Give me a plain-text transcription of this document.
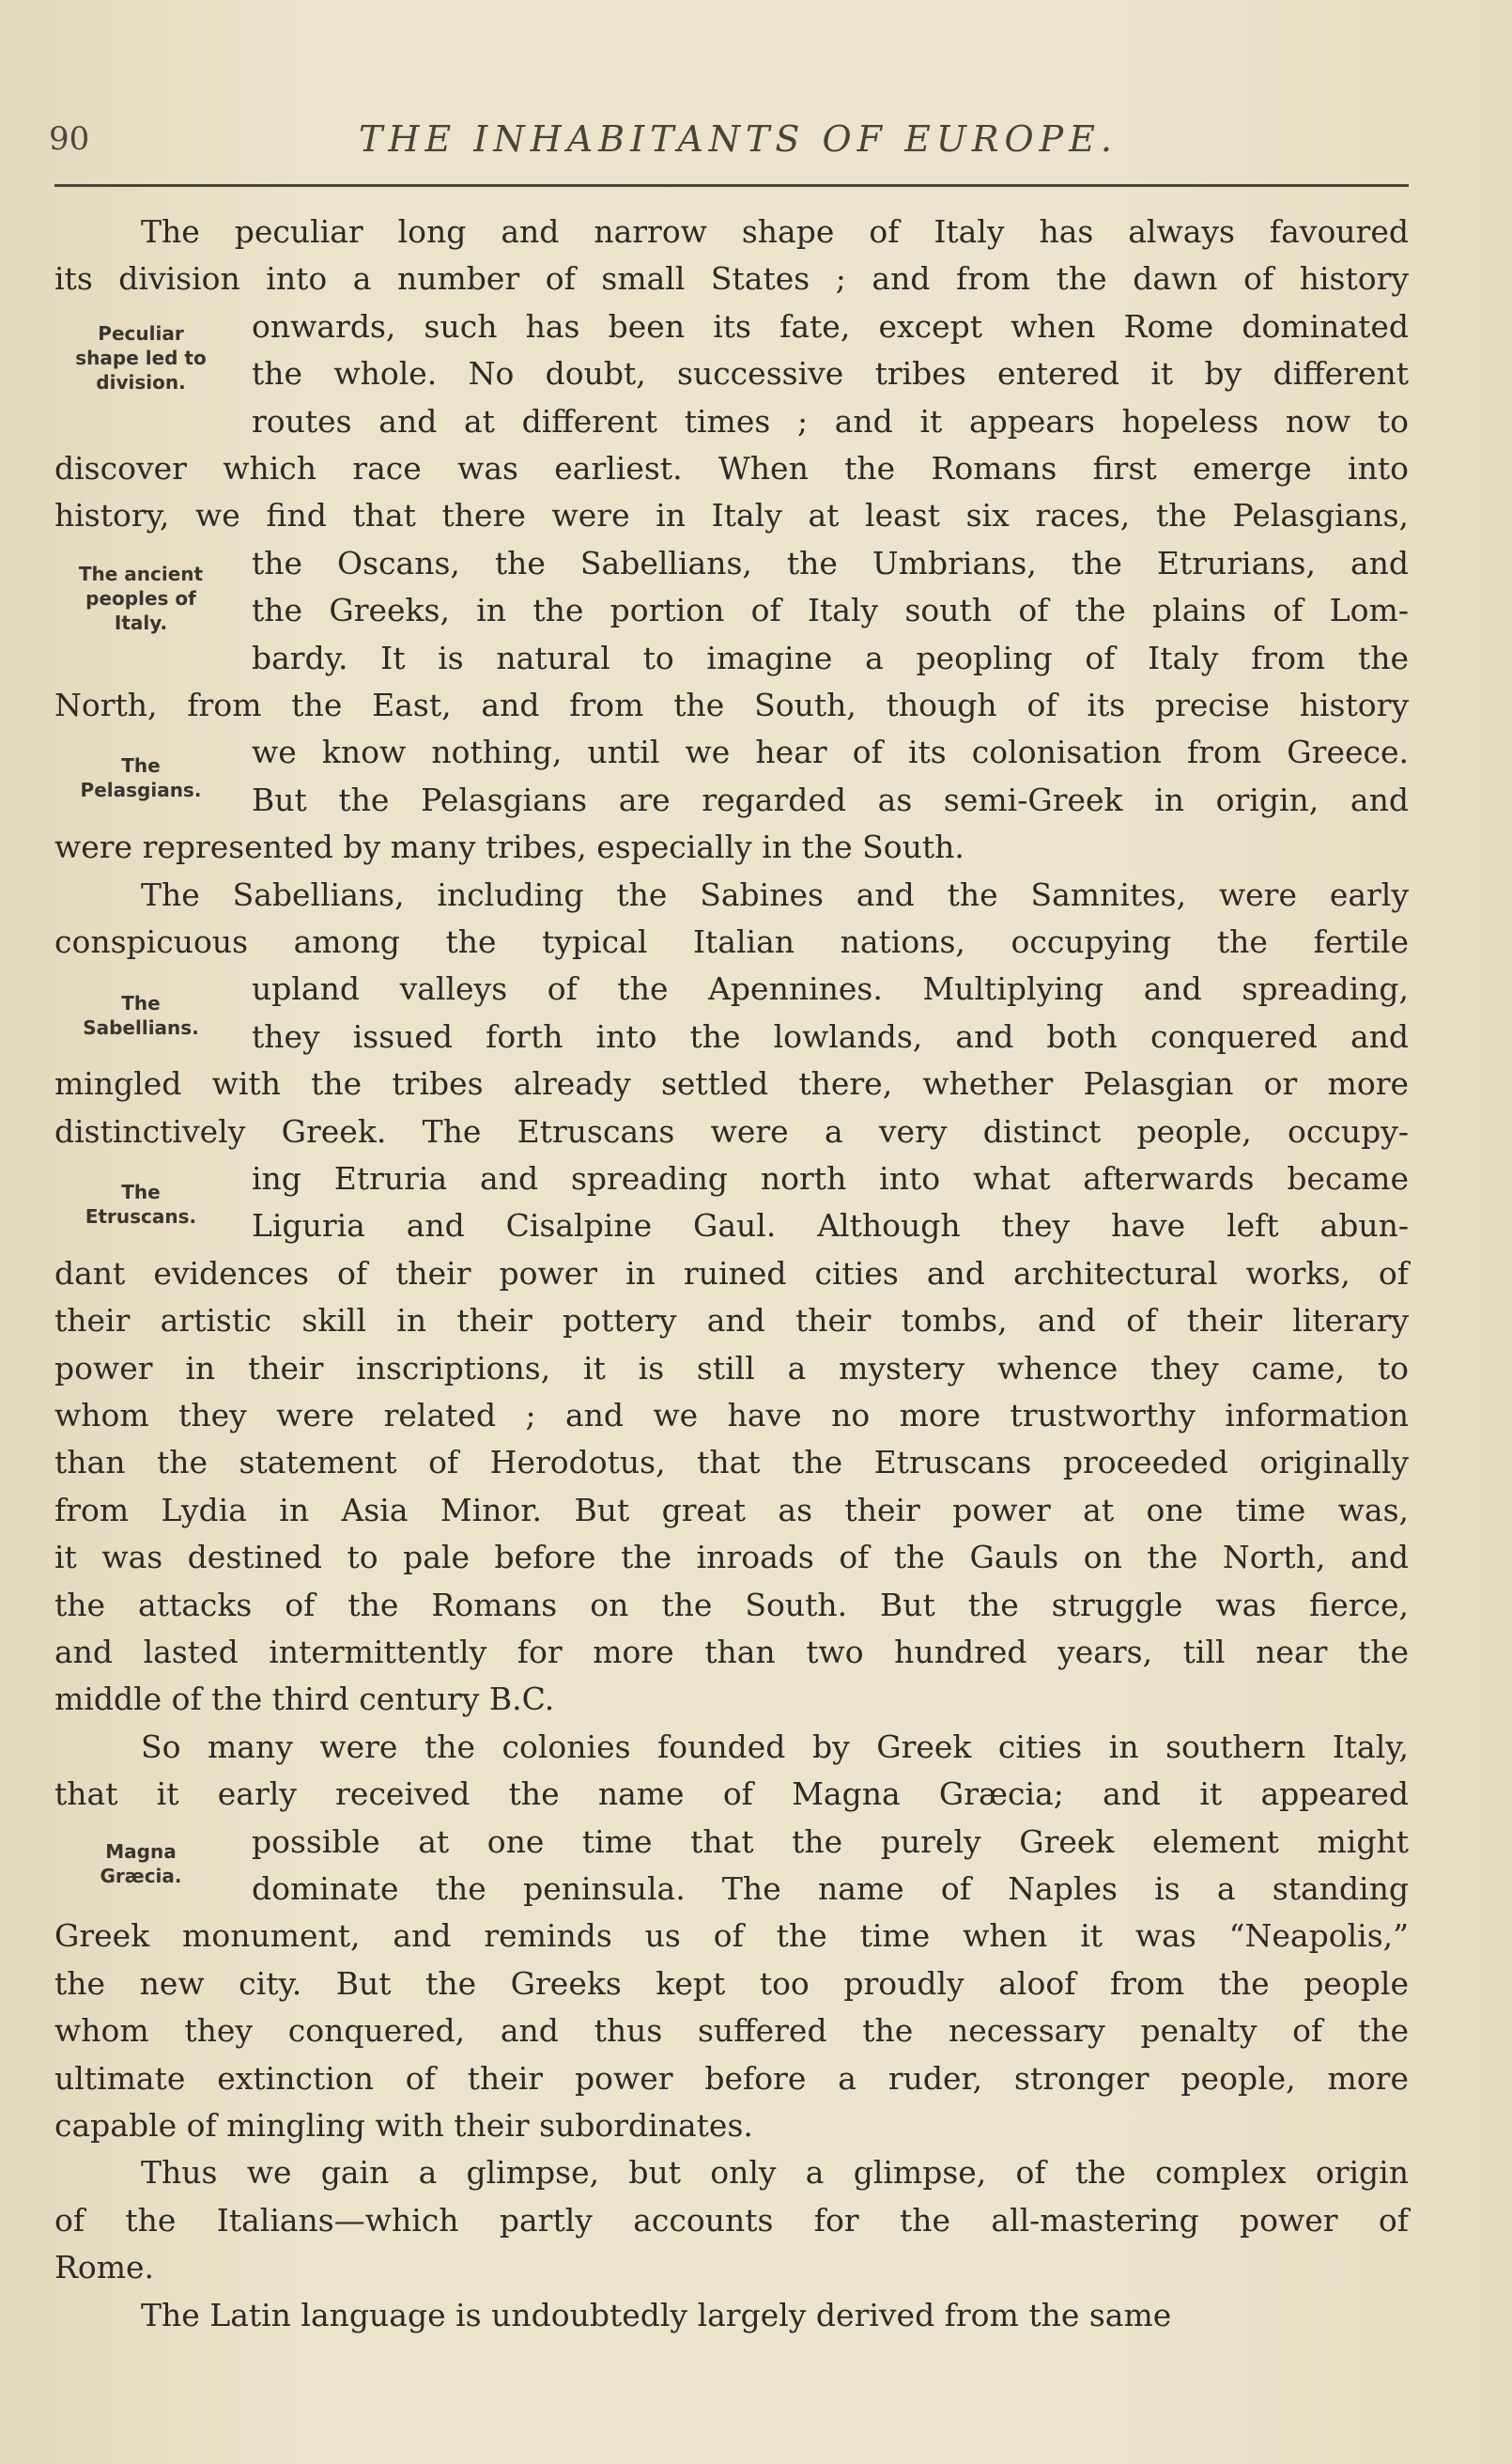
90	THE INHABITANTS OF EUROPE.
The peculiar long and narrow shape of Italy has always favoured
its division into a number of small States ; and from the dawn of history
onwards, such has been its fate, except when Rome dominated
the whole. No doubt, successive tribes entered it by different
routes and at different times ; and it appears hopeless now to
discover which race was earliest. When the Romans first emerge into
history, we find that there were in Italy at least six races, the Pelasgians,
the Oscans, the Sabellians, the Umbrians, the Etrurians, and
the Greeks, in the portion of Italy south of the plains of Lom-
bardy. It is natural to imagine a peopling of Italy from the
North, from the East, and from the South, though of its precise history
we know nothing, until we hear of its colonisation from Greece.
But the Pelasgians are regarded as semi-Greek in origin, and
were represented by many tribes, especially in the South.
The Sabellians, including the Sabines and the Samnites, were early
conspicuous among the typical Italian nations, occupying the fertile
upland valleys of the Apennines. Multiplying and spreading,
they issued forth into the lowlands, and both conquered and
mingled with the tribes already settled there, whether Pelasgian or more
distinctively Greek. The Etruscans were a very distinct people, occupy-
ing Etruria and spreading north into what afterwards became
Liguria and Cisalpine Gaul. Although they have left abun-
dant evidences of their power in ruined cities and architectural works, of
their artistic skill in their pottery and their tombs, and of their literary
power in their inscriptions, it is still a mystery whence they came, to
whom they were related ; and we have no more trustworthy information
than the statement of Herodotus, that the Etruscans proceeded originally
from Lydia in Asia Minor. But great as their power at one time was,
it was destined to pale before the inroads of the Gauls on the North, and
the attacks of the Romans on the South. But the struggle was fierce,
and lasted intermittently for more than two hundred years, till near the
middle of the third century B.C.
So many were the colonies founded by Greek cities in southern Italy,
that it early received the name of Magna Græcia; and it appeared
possible at one time that the purely Greek element might
dominate the peninsula. The name of Naples is a standing
Greek monument, and reminds us of the time when it was “Neapolis,”
the new city. But the Greeks kept too proudly aloof from the people
whom they conquered, and thus suffered the necessary penalty of the
ultimate extinction of their power before a ruder, stronger people, more
capable of mingling with their subordinates.
Thus we gain a glimpse, but only a glimpse, of the complex origin
of the Italians—which partly accounts for the all-mastering power of
Rome.
The Latin language is undoubtedly largely derived from the same
Peculiar
shape led to
division.
The ancient
peoples of
Italy.
The
Pelasgians.
The
Sabellians.
The
Etruscans.
Magna
Græcia.
